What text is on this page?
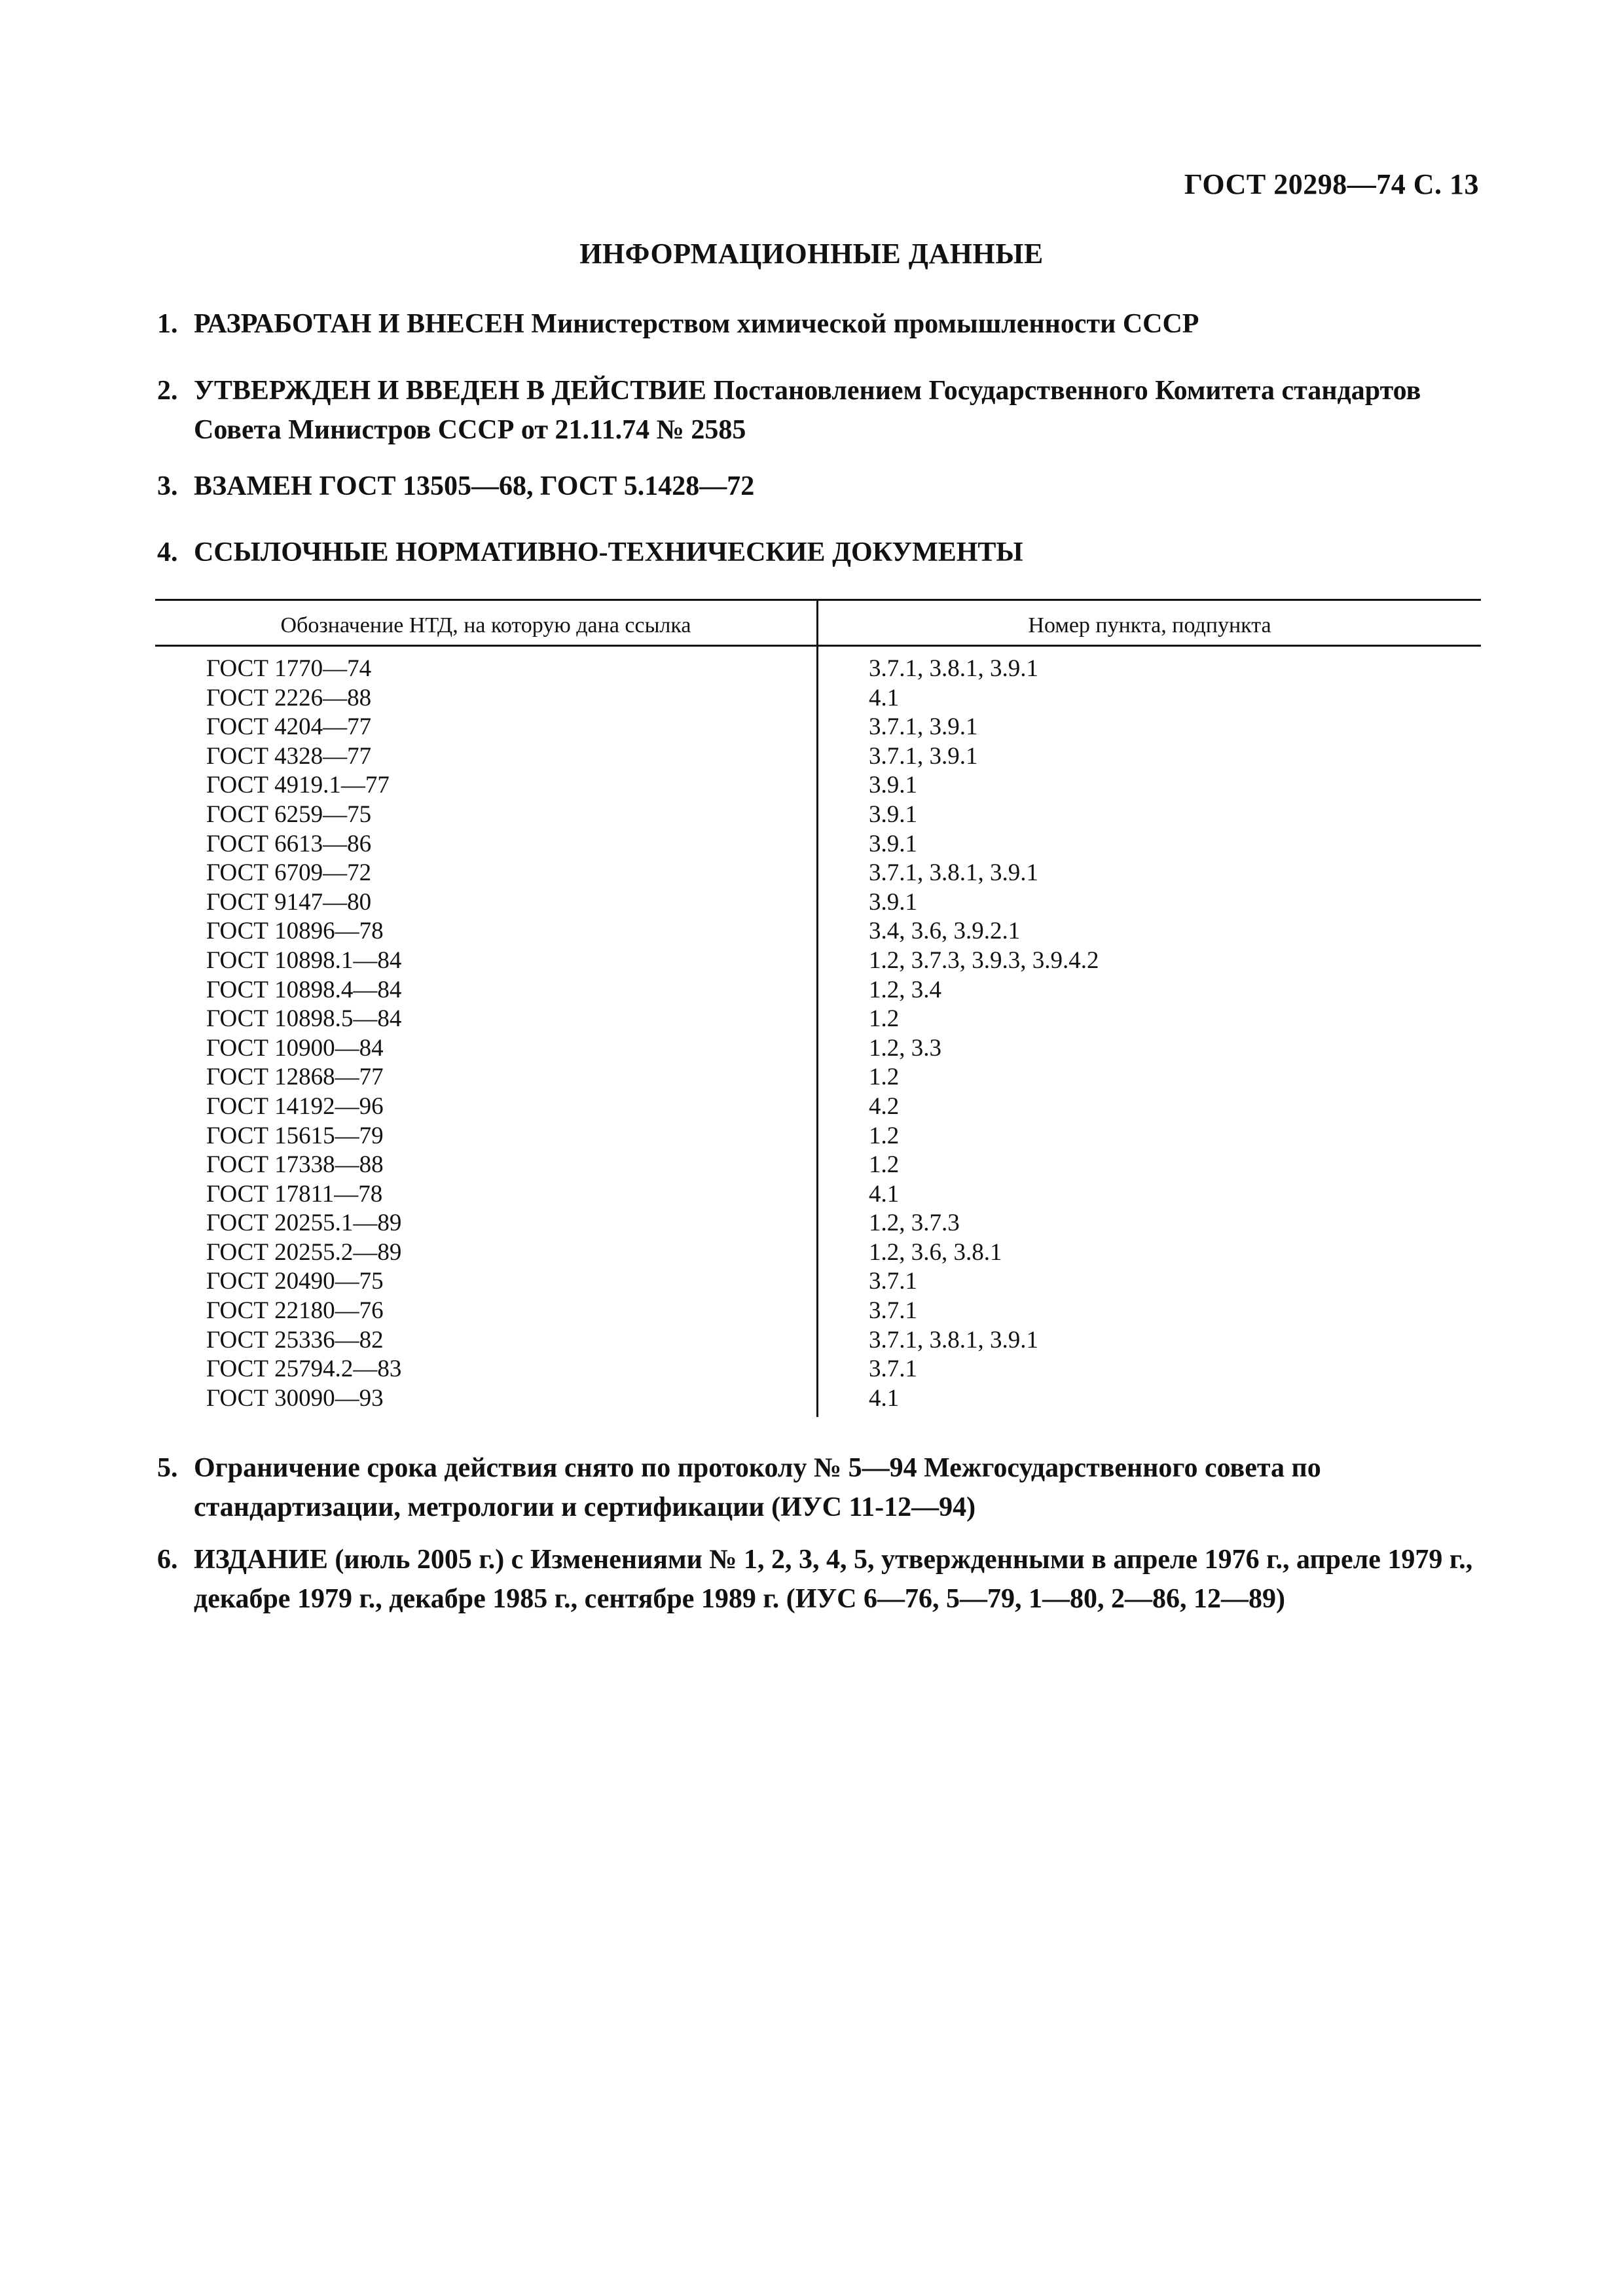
ГОСТ 20298—74 С. 13
ИНФОРМАЦИОННЫЕ ДАННЫЕ
1. РАЗРАБОТАН И ВНЕСЕН Министерством химической промышленности СССР
2. УТВЕРЖДЕН И ВВЕДЕН В ДЕЙСТВИЕ Постановлением Государственного Комитета стандартов Совета Министров СССР от 21.11.74 № 2585
3. ВЗАМЕН ГОСТ 13505—68, ГОСТ 5.1428—72
4. ССЫЛОЧНЫЕ НОРМАТИВНО-ТЕХНИЧЕСКИЕ ДОКУМЕНТЫ
Обозначение НТД, на которую дана ссылка	Номер пункта, подпункта
ГОСТ 1770—74	3.7.1, 3.8.1, 3.9.1
ГОСТ 2226—88	4.1
ГОСТ 4204—77	3.7.1, 3.9.1
ГОСТ 4328—77	3.7.1, 3.9.1
ГОСТ 4919.1—77	3.9.1
ГОСТ 6259—75	3.9.1
ГОСТ 6613—86	3.9.1
ГОСТ 6709—72	3.7.1, 3.8.1, 3.9.1
ГОСТ 9147—80	3.9.1
ГОСТ 10896—78	3.4, 3.6, 3.9.2.1
ГОСТ 10898.1—84	1.2, 3.7.3, 3.9.3, 3.9.4.2
ГОСТ 10898.4—84	1.2, 3.4
ГОСТ 10898.5—84	1.2
ГОСТ 10900—84	1.2, 3.3
ГОСТ 12868—77	1.2
ГОСТ 14192—96	4.2
ГОСТ 15615—79	1.2
ГОСТ 17338—88	1.2
ГОСТ 17811—78	4.1
ГОСТ 20255.1—89	1.2, 3.7.3
ГОСТ 20255.2—89	1.2, 3.6, 3.8.1
ГОСТ 20490—75	3.7.1
ГОСТ 22180—76	3.7.1
ГОСТ 25336—82	3.7.1, 3.8.1, 3.9.1
ГОСТ 25794.2—83	3.7.1
ГОСТ 30090—93	4.1
5. Ограничение срока действия снято по протоколу № 5—94 Межгосударственного совета по стандартизации, метрологии и сертификации (ИУС 11-12—94)
6. ИЗДАНИЕ (июль 2005 г.) с Изменениями № 1, 2, 3, 4, 5, утвержденными в апреле 1976 г., апреле 1979 г., декабре 1979 г., декабре 1985 г., сентябре 1989 г. (ИУС 6—76, 5—79, 1—80, 2—86, 12—89)
